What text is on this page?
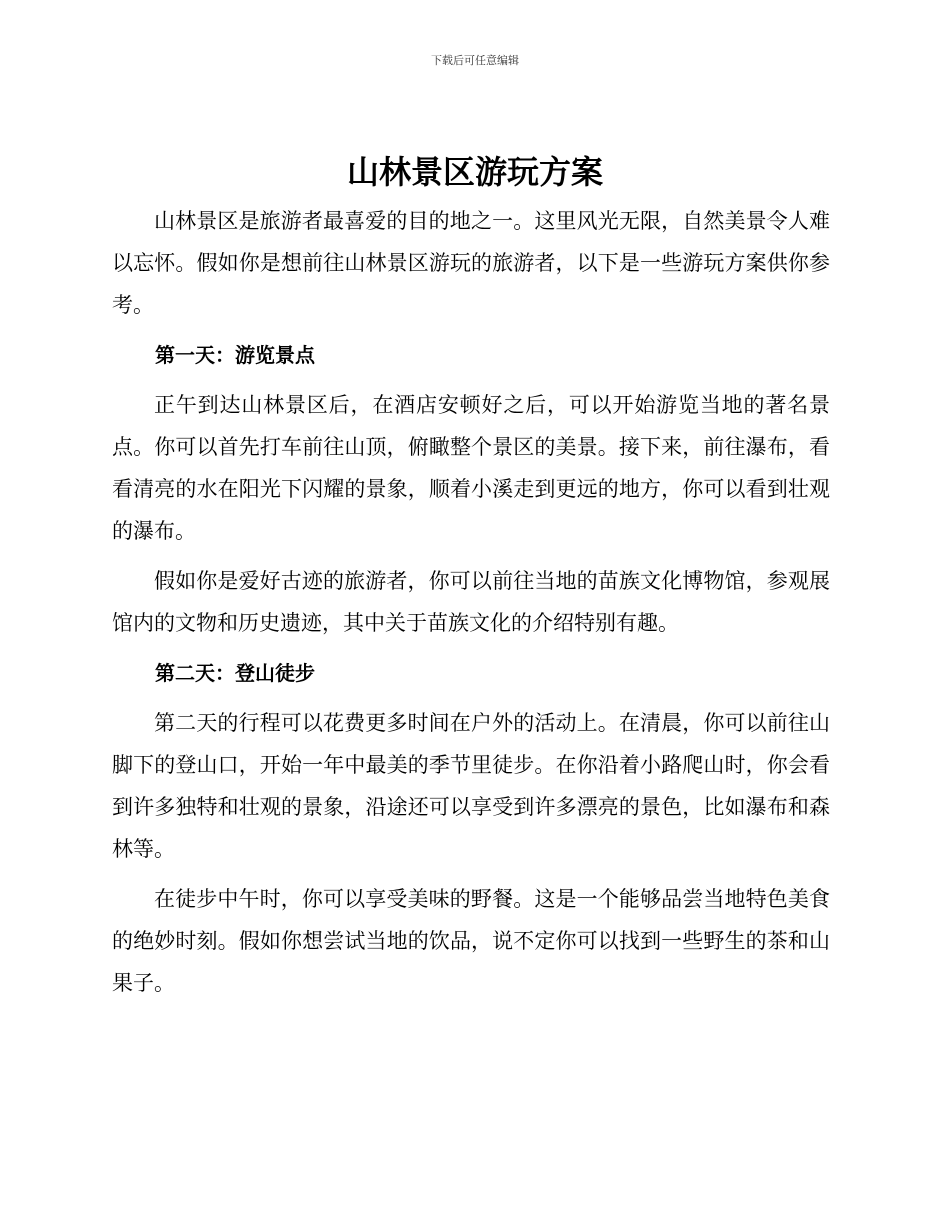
下载后可任意编辑
山林景区游玩方案

山林景区是旅游者最喜爱的目的地之一。这里风光无限，自然美景令人难以忘怀。假如你是想前往山林景区游玩的旅游者，以下是一些游玩方案供你参考。

第一天：游览景点

正午到达山林景区后，在酒店安顿好之后，可以开始游览当地的著名景点。你可以首先打车前往山顶，俯瞰整个景区的美景。接下来，前往瀑布，看看清亮的水在阳光下闪耀的景象，顺着小溪走到更远的地方，你可以看到壮观的瀑布。

假如你是爱好古迹的旅游者，你可以前往当地的苗族文化博物馆，参观展馆内的文物和历史遗迹，其中关于苗族文化的介绍特别有趣。

第二天：登山徒步

第二天的行程可以花费更多时间在户外的活动上。在清晨，你可以前往山脚下的登山口，开始一年中最美的季节里徒步。在你沿着小路爬山时，你会看到许多独特和壮观的景象，沿途还可以享受到许多漂亮的景色，比如瀑布和森林等。

在徒步中午时，你可以享受美味的野餐。这是一个能够品尝当地特色美食的绝妙时刻。假如你想尝试当地的饮品，说不定你可以找到一些野生的茶和山果子。
